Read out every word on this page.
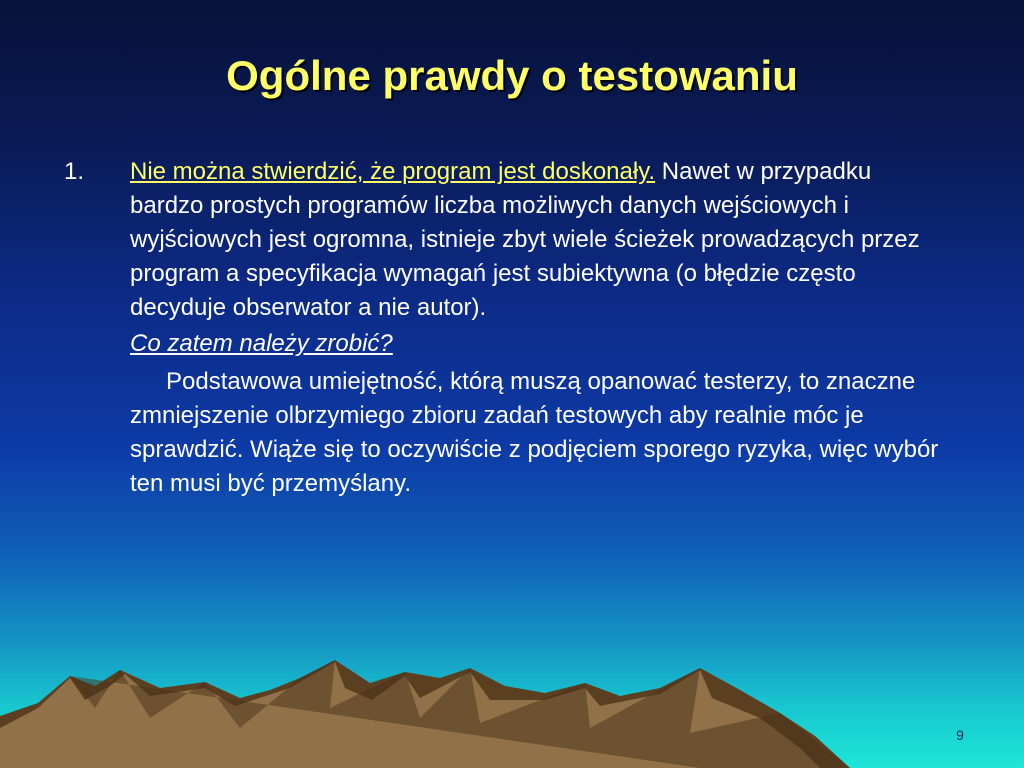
Ogólne prawdy o testowaniu
1.	Nie można stwierdzić, że program jest doskonały. Nawet w przypadku bardzo prostych programów liczba możliwych danych wejściowych i wyjściowych jest ogromna, istnieje zbyt wiele ścieżek prowadzących przez program a specyfikacja wymagań jest subiektywna (o błędzie często decyduje obserwator a nie autor).
Co zatem należy zrobić?
Podstawowa umiejętność, którą muszą opanować testerzy, to znaczne zmniejszenie olbrzymiego zbioru zadań testowych aby realnie móc je sprawdzić. Wiąże się to oczywiście z podjęciem sporego ryzyka, więc wybór ten musi być przemyślany.
9
